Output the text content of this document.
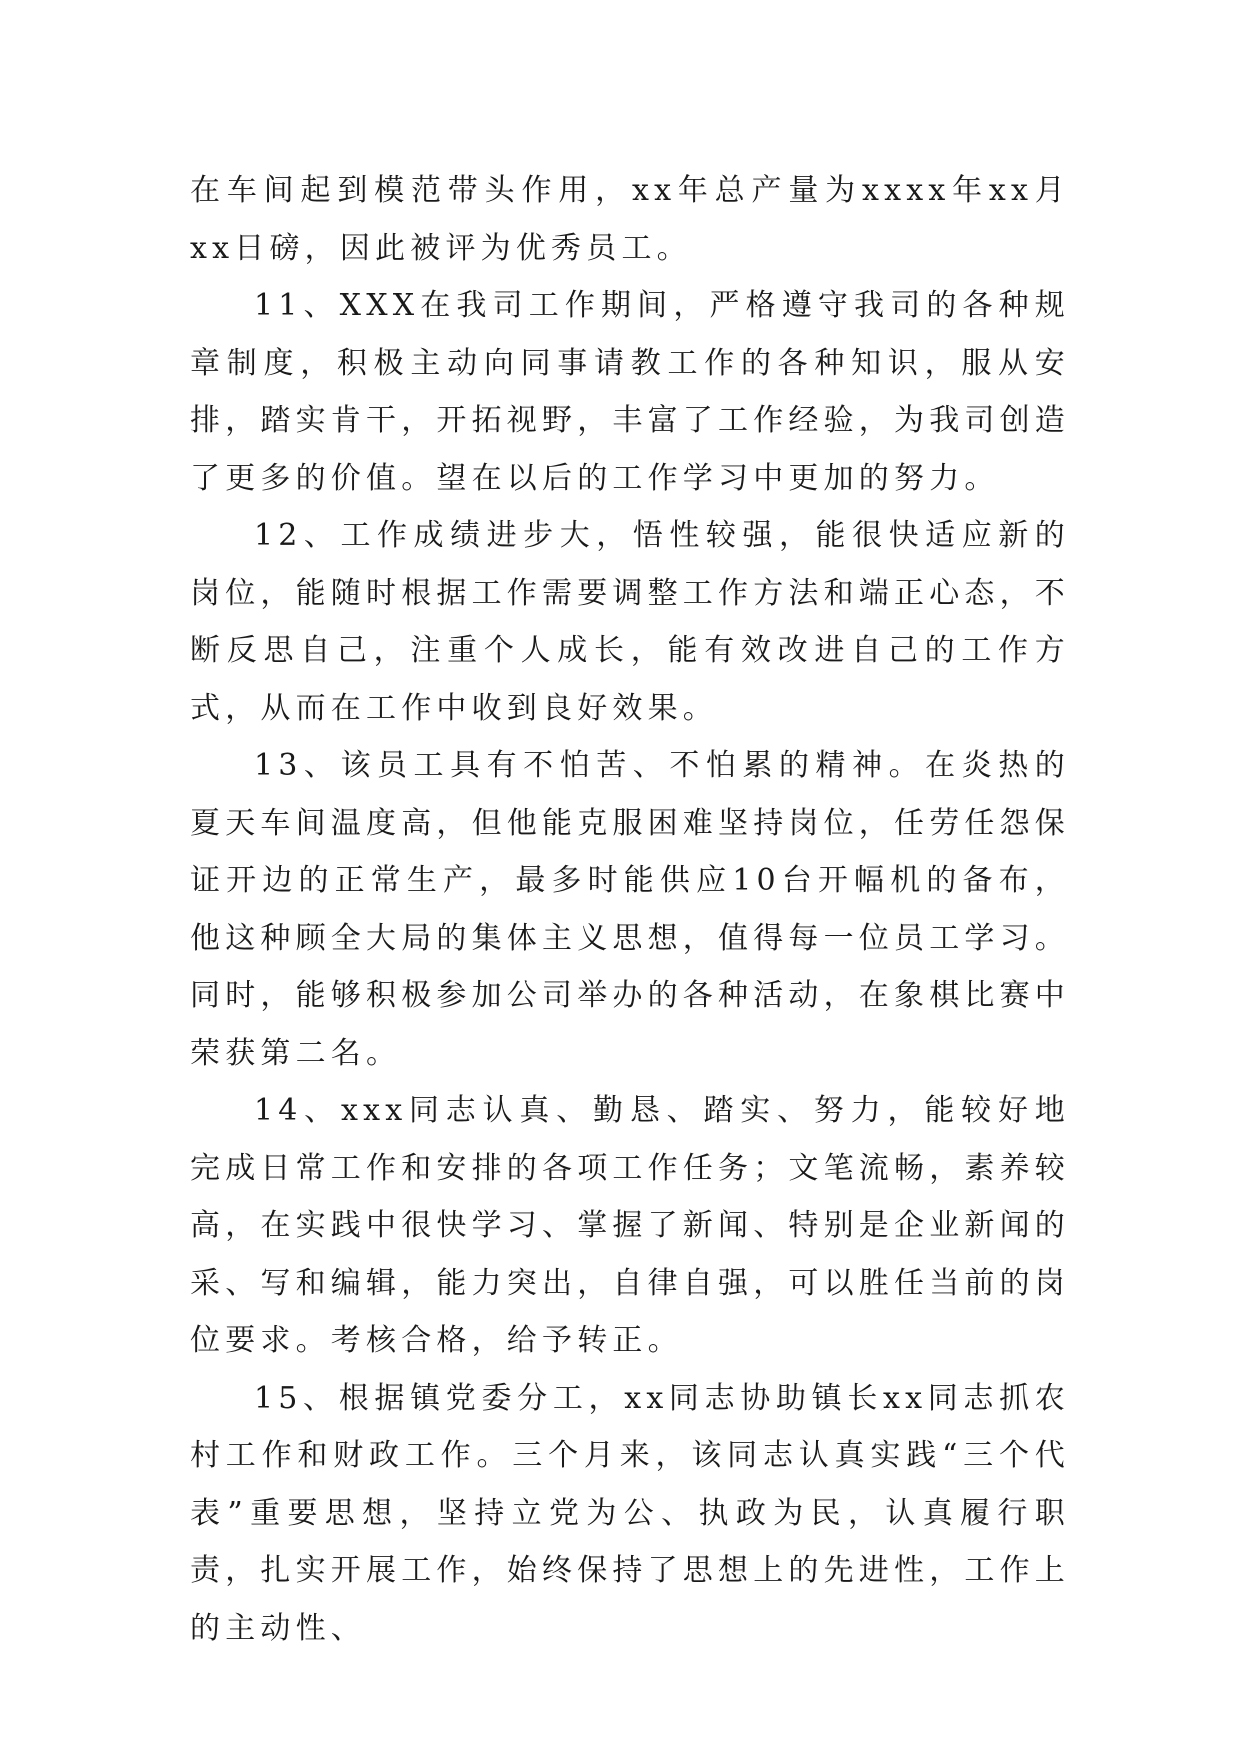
在车间起到模范带头作用，xx年总产量为xxxx年xx月xx日磅，因此被评为优秀员工。

11、XXX在我司工作期间，严格遵守我司的各种规章制度，积极主动向同事请教工作的各种知识，服从安排，踏实肯干，开拓视野，丰富了工作经验，为我司创造了更多的价值。望在以后的工作学习中更加的努力。

12、工作成绩进步大，悟性较强，能很快适应新的岗位，能随时根据工作需要调整工作方法和端正心态，不断反思自己，注重个人成长，能有效改进自己的工作方式，从而在工作中收到良好效果。

13、该员工具有不怕苦、不怕累的精神。在炎热的夏天车间温度高，但他能克服困难坚持岗位，任劳任怨保证开边的正常生产，最多时能供应10台开幅机的备布，他这种顾全大局的集体主义思想，值得每一位员工学习。同时，能够积极参加公司举办的各种活动，在象棋比赛中荣获第二名。

14、xxx同志认真、勤恳、踏实、努力，能较好地完成日常工作和安排的各项工作任务；文笔流畅，素养较高，在实践中很快学习、掌握了新闻、特别是企业新闻的采、写和编辑，能力突出，自律自强，可以胜任当前的岗位要求。考核合格，给予转正。

15、根据镇党委分工，xx同志协助镇长xx同志抓农村工作和财政工作。三个月来，该同志认真实践“三个代表”重要思想，坚持立党为公、执政为民，认真履行职责，扎实开展工作，始终保持了思想上的先进性，工作上的主动性、
